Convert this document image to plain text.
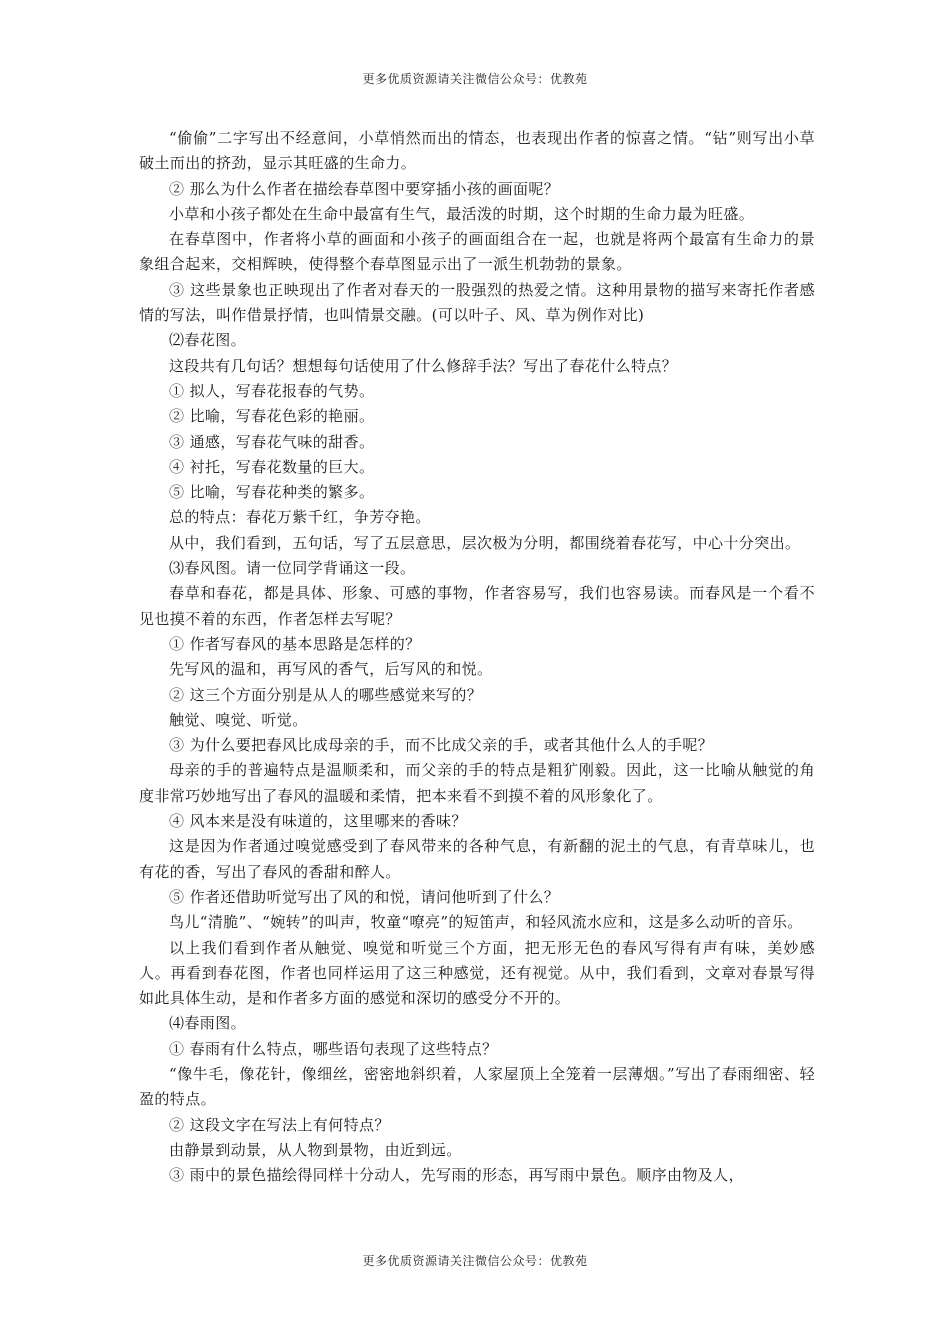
更多优质资源请关注微信公众号：优教苑

“偷偷”二字写出不经意间，小草悄然而出的情态，也表现出作者的惊喜之情。“钻”则写出小草破土而出的挤劲，显示其旺盛的生命力。

② 那么为什么作者在描绘春草图中要穿插小孩的画面呢？

小草和小孩子都处在生命中最富有生气，最活泼的时期，这个时期的生命力最为旺盛。

在春草图中，作者将小草的画面和小孩子的画面组合在一起，也就是将两个最富有生命力的景象组合起来，交相辉映，使得整个春草图显示出了一派生机勃勃的景象。

③ 这些景象也正映现出了作者对春天的一股强烈的热爱之情。这种用景物的描写来寄托作者感情的写法，叫作借景抒情，也叫情景交融。(可以叶子、风、草为例作对比)

⑵春花图。

这段共有几句话？想想每句话使用了什么修辞手法？写出了春花什么特点？

① 拟人，写春花报春的气势。

② 比喻，写春花色彩的艳丽。

③ 通感，写春花气味的甜香。

④ 衬托，写春花数量的巨大。

⑤ 比喻，写春花种类的繁多。

总的特点：春花万紫千红，争芳夺艳。

从中，我们看到，五句话，写了五层意思，层次极为分明，都围绕着春花写，中心十分突出。

⑶春风图。请一位同学背诵这一段。

春草和春花，都是具体、形象、可感的事物，作者容易写，我们也容易读。而春风是一个看不见也摸不着的东西，作者怎样去写呢？

① 作者写春风的基本思路是怎样的？

先写风的温和，再写风的香气，后写风的和悦。

② 这三个方面分别是从人的哪些感觉来写的？

触觉、嗅觉、听觉。

③ 为什么要把春风比成母亲的手，而不比成父亲的手，或者其他什么人的手呢？

母亲的手的普遍特点是温顺柔和，而父亲的手的特点是粗犷刚毅。因此，这一比喻从触觉的角度非常巧妙地写出了春风的温暖和柔情，把本来看不到摸不着的风形象化了。

④ 风本来是没有味道的，这里哪来的香味？

这是因为作者通过嗅觉感受到了春风带来的各种气息，有新翻的泥土的气息，有青草味儿，也有花的香，写出了春风的香甜和醉人。

⑤ 作者还借助听觉写出了风的和悦，请问他听到了什么？

鸟儿“清脆”、“婉转”的叫声，牧童“嘹亮”的短笛声，和轻风流水应和，这是多么动听的音乐。

以上我们看到作者从触觉、嗅觉和听觉三个方面，把无形无色的春风写得有声有味，美妙感人。再看到春花图，作者也同样运用了这三种感觉，还有视觉。从中，我们看到，文章对春景写得如此具体生动，是和作者多方面的感觉和深切的感受分不开的。

⑷春雨图。

① 春雨有什么特点，哪些语句表现了这些特点？

“像牛毛，像花针，像细丝，密密地斜织着，人家屋顶上全笼着一层薄烟。”写出了春雨细密、轻盈的特点。

② 这段文字在写法上有何特点？

由静景到动景，从人物到景物，由近到远。

③ 雨中的景色描绘得同样十分动人，先写雨的形态，再写雨中景色。顺序由物及人，

更多优质资源请关注微信公众号：优教苑
